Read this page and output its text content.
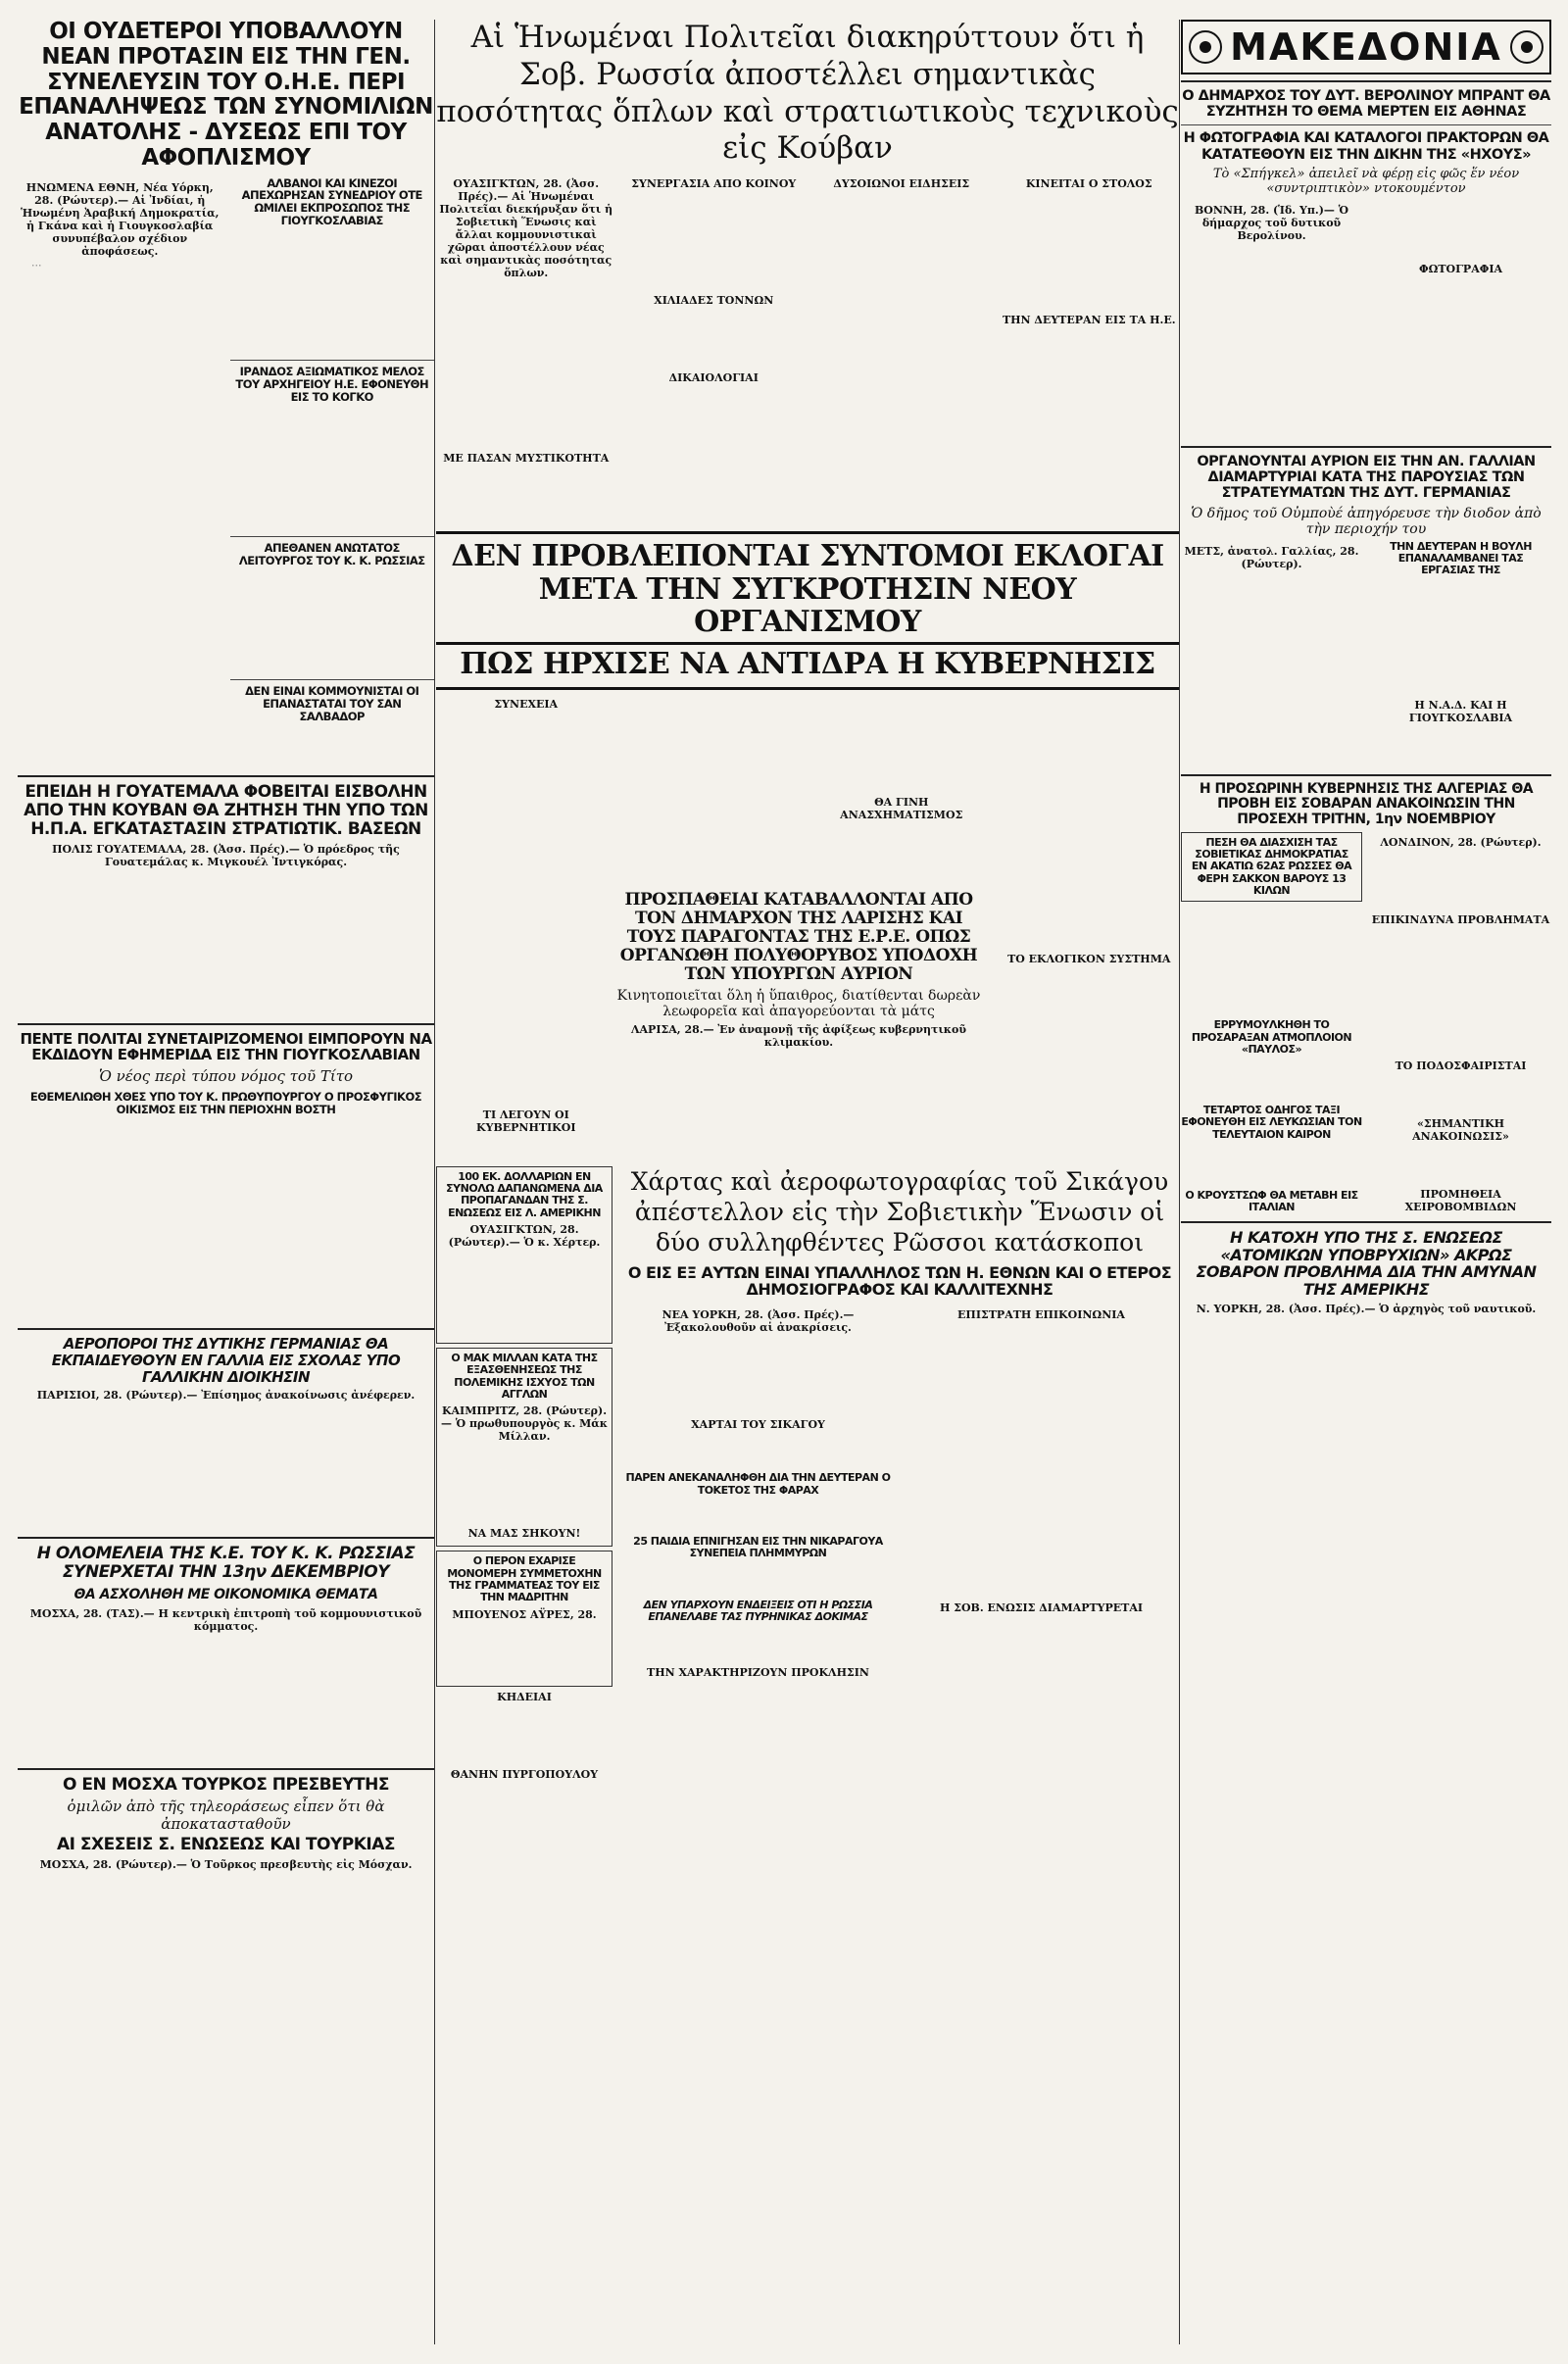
ΟΙ ΟΥΔΕΤΕΡΟΙ ΥΠΟΒΑΛΛΟΥΝ ΝΕΑΝ ΠΡΟΤΑΣΙΝ ΕΙΣ ΤΗΝ ΓΕΝ. ΣΥΝΕΛΕΥΣΙΝ ΤΟΥ Ο.Η.Ε. ΠΕΡΙ ΕΠΑΝΑΛΗΨΕΩΣ ΤΩΝ ΣΥΝΟΜΙΛΙΩΝ ΑΝΑΤΟΛΗΣ - ΔΥΣΕΩΣ ΕΠΙ ΤΟΥ ΑΦΟΠΛΙΣΜΟΥ
ΗΝΩΜΕΝΑ ΕΘΝΗ, Νέα Υόρκη, 28. (Ρώυτερ).— Αἱ Ἰνδίαι, ἡ Ἡνωμένη Ἀραβική Δημοκρατία, ἡ Γκάνα καὶ ἡ Γιουγκοσλαβία συνυπέβαλον σχέδιον ἀποφάσεως.

⋯

ΑΛΒΑΝΟΙ ΚΑΙ ΚΙΝΕΖΟΙ ΑΠΕΧΩΡΗΣΑΝ ΣΥΝΕΔΡΙΟΥ ΟΤΕ ΩΜΙΛΕΙ ΕΚΠΡΟΣΩΠΟΣ ΤΗΣ ΓΙΟΥΓΚΟΣΛΑΒΙΑΣ
ΙΡΑΝΔΟΣ ΑΞΙΩΜΑΤΙΚΟΣ ΜΕΛΟΣ ΤΟΥ ΑΡΧΗΓΕΙΟΥ Η.Ε. ΕΦΟΝΕΥΘΗ ΕΙΣ ΤΟ ΚΟΓΚΟ
ΑΠΕΘΑΝΕΝ ΑΝΩΤΑΤΟΣ ΛΕΙΤΟΥΡΓΟΣ ΤΟΥ Κ. Κ. ΡΩΣΣΙΑΣ
ΔΕΝ ΕΙΝΑΙ ΚΟΜΜΟΥΝΙΣΤΑΙ ΟΙ ΕΠΑΝΑΣΤΑΤΑΙ ΤΟΥ ΣΑΝ ΣΑΛΒΑΔΟΡ
ΕΠΕΙΔΗ Η ΓΟΥΑΤΕΜΑΛΑ ΦΟΒΕΙΤΑΙ ΕΙΣΒΟΛΗΝ ΑΠΟ ΤΗΝ ΚΟΥΒΑΝ ΘΑ ΖΗΤΗΣΗ ΤΗΝ ΥΠΟ ΤΩΝ Η.Π.Α. ΕΓΚΑΤΑΣΤΑΣΙΝ ΣΤΡΑΤΙΩΤΙΚ. ΒΑΣΕΩΝ
ΠΟΛΙΣ ΓΟΥΑΤΕΜΑΛΑ, 28. (Ἀσσ. Πρές).— Ὁ πρόεδρος τῆς Γουατεμάλας κ. Μιγκουέλ Ἰντιγκόρας.
ΠΕΝΤΕ ΠΟΛΙΤΑΙ ΣΥΝΕΤΑΙΡΙΖΟΜΕΝΟΙ ΕΙΜΠΟΡΟΥΝ ΝΑ ΕΚΔΙΔΟΥΝ ΕΦΗΜΕΡΙΔΑ ΕΙΣ ΤΗΝ ΓΙΟΥΓΚΟΣΛΑΒΙΑΝ
Ὁ νέος περὶ τύπου νόμος τοῦ Τίτο
ΕΘΕΜΕΛΙΩΘΗ ΧΘΕΣ ΥΠΟ ΤΟΥ Κ. ΠΡΩΘΥΠΟΥΡΓΟΥ Ο ΠΡΟΣΦΥΓΙΚΟΣ ΟΙΚΙΣΜΟΣ ΕΙΣ ΤΗΝ ΠΕΡΙΟΧΗΝ ΒΟΣΤΗ
ΑΕΡΟΠΟΡΟΙ ΤΗΣ ΔΥΤΙΚΗΣ ΓΕΡΜΑΝΙΑΣ ΘΑ ΕΚΠΑΙΔΕΥΘΟΥΝ ΕΝ ΓΑΛΛΙΑ ΕΙΣ ΣΧΟΛΑΣ ΥΠΟ ΓΑΛΛΙΚΗΝ ΔΙΟΙΚΗΣΙΝ
ΠΑΡΙΣΙΟΙ, 28. (Ρώυτερ).— Ἐπίσημος ἀνακοίνωσις ἀνέφερεν.
Η ΟΛΟΜΕΛΕΙΑ ΤΗΣ Κ.Ε. ΤΟΥ Κ. Κ. ΡΩΣΣΙΑΣ ΣΥΝΕΡΧΕΤΑΙ ΤΗΝ 13ην ΔΕΚΕΜΒΡΙΟΥ
ΘΑ ΑΣΧΟΛΗΘΗ ΜΕ ΟΙΚΟΝΟΜΙΚΑ ΘΕΜΑΤΑ
ΜΟΣΧΑ, 28. (ΤΑΣ).— Η κεντρικὴ ἐπιτροπὴ τοῦ κομμουνιστικοῦ κόμματος.
Ο ΕΝ ΜΟΣΧΑ ΤΟΥΡΚΟΣ ΠΡΕΣΒΕΥΤΗΣ
ὁμιλῶν ἀπὸ τῆς τηλεοράσεως εἶπεν ὅτι θὰ ἀποκατασταθοῦν
ΑΙ ΣΧΕΣΕΙΣ Σ. ΕΝΩΣΕΩΣ ΚΑΙ ΤΟΥΡΚΙΑΣ
ΜΟΣΧΑ, 28. (Ρώυτερ).— Ὁ Τοῦρκος πρεσβευτὴς εἰς Μόσχαν.
Αἱ Ἡνωμέναι Πολιτεῖαι διακηρύττουν ὅτι ἡ Σοβ. Ρωσσία ἀποστέλλει σημαντικὰς ποσότητας ὅπλων καὶ στρατιωτικοὺς τεχνικοὺς εἰς Κούβαν
ΟΥΑΣΙΓΚΤΩΝ, 28. (Ἀσσ. Πρές).— Αἱ Ἡνωμέναι Πολιτεῖαι διεκήρυξαν ὅτι ἡ Σοβιετικὴ Ἕνωσις καὶ ἄλλαι κομμουνιστικαὶ χῶραι ἀποστέλλουν νέας καὶ σημαντικὰς ποσότητας ὅπλων.
ΜΕ ΠΑΣΑΝ ΜΥΣΤΙΚΟΤΗΤΑ
ΣΥΝΕΡΓΑΣΙΑ ΑΠΟ ΚΟΙΝΟΥ
ΧΙΛΙΑΔΕΣ ΤΟΝΝΩΝ
ΔΙΚΑΙΟΛΟΓΙΑΙ
ΔΥΣΟΙΩΝΟΙ ΕΙΔΗΣΕΙΣ	ΚΙΝΕΙΤΑΙ Ο ΣΤΟΛΟΣ
ΤΗΝ ΔΕΥΤΕΡΑΝ ΕΙΣ ΤΑ Η.Ε.
ΔΕΝ ΠΡΟΒΛΕΠΟΝΤΑΙ ΣΥΝΤΟΜΟΙ ΕΚΛΟΓΑΙ
ΜΕΤΑ ΤΗΝ ΣΥΓΚΡΟΤΗΣΙΝ ΝΕΟΥ ΟΡΓΑΝΙΣΜΟΥ
ΠΩΣ ΗΡΧΙΣΕ ΝΑ ΑΝΤΙΔΡΑ Η ΚΥΒΕΡΝΗΣΙΣ
ΣΥΝΕΧΕΙΑ
ΤΙ ΛΕΓΟΥΝ ΟΙ ΚΥΒΕΡΝΗΤΙΚΟΙ
ΘΑ ΓΙΝΗ ΑΝΑΣΧΗΜΑΤΙΣΜΟΣ
ΤΟ ΕΚΛΟΓΙΚΟΝ ΣΥΣΤΗΜΑ
ΠΡΟΣΠΑΘΕΙΑΙ ΚΑΤΑΒΑΛΛΟΝΤΑΙ ΑΠΟ ΤΟΝ ΔΗΜΑΡΧΟΝ ΤΗΣ ΛΑΡΙΣΗΣ ΚΑΙ ΤΟΥΣ ΠΑΡΑΓΟΝΤΑΣ ΤΗΣ Ε.Ρ.Ε. ΟΠΩΣ ΟΡΓΑΝΩΘΗ ΠΟΛΥΘΟΡΥΒΟΣ ΥΠΟΔΟΧΗ ΤΩΝ ΥΠΟΥΡΓΩΝ ΑΥΡΙΟΝ
Κινητοποιεῖται ὅλη ἡ ὕπαιθρος, διατίθενται δωρεὰν λεωφορεῖα καὶ ἀπαγορεύονται τὰ μάτς
ΛΑΡΙΣΑ, 28.— Ἐν ἀναμονῇ τῆς ἀφίξεως κυβερνητικοῦ κλιμακίου.
100 ΕΚ. ΔΟΛΛΑΡΙΩΝ ΕΝ ΣΥΝΟΛΩ ΔΑΠΑΝΩΜΕΝΑ ΔΙΑ ΠΡΟΠΑΓΑΝΔΑΝ ΤΗΣ Σ. ΕΝΩΣΕΩΣ ΕΙΣ Λ. ΑΜΕΡΙΚΗΝ
ΟΥΑΣΙΓΚΤΩΝ, 28. (Ρώυτερ).— Ὁ κ. Χέρτερ.
Ο ΜΑΚ ΜΙΛΛΑΝ ΚΑΤΑ ΤΗΣ ΕΞΑΣΘΕΝΗΣΕΩΣ ΤΗΣ ΠΟΛΕΜΙΚΗΣ ΙΣΧΥΟΣ ΤΩΝ ΑΓΓΛΩΝ
ΚΑΙΜΠΡΙΤΖ, 28. (Ρώυτερ).— Ὁ πρωθυπουργὸς κ. Μάκ Μίλλαν.
ΝΑ ΜΑΣ ΣΗΚΟΥΝ!
Ο ΠΕΡΟΝ ΕΧΑΡΙΣΕ ΜΟΝΟΜΕΡΗ ΣΥΜΜΕΤΟΧΗΝ ΤΗΣ ΓΡΑΜΜΑΤΕΑΣ ΤΟΥ ΕΙΣ ΤΗΝ ΜΑΔΡΙΤΗΝ
ΜΠΟΥΕΝΟΣ ΑΫΡΕΣ, 28.
ΚΗΔΕΙΑΙ
ΘΑΝΗΝ ΠΥΡΓΟΠΟΥΛΟΥ
Χάρτας καὶ ἀεροφωτογραφίας τοῦ Σικάγου ἀπέστελλον εἰς τὴν Σοβιετικὴν Ἕνωσιν οἱ δύο συλληφθέντες Ρῶσσοι κατάσκοποι
Ο ΕΙΣ ΕΞ ΑΥΤΩΝ ΕΙΝΑΙ ΥΠΑΛΛΗΛΟΣ ΤΩΝ Η. ΕΘΝΩΝ ΚΑΙ Ο ΕΤΕΡΟΣ ΔΗΜΟΣΙΟΓΡΑΦΟΣ ΚΑΙ ΚΑΛΛΙΤΕΧΝΗΣ
ΝΕΑ ΥΟΡΚΗ, 28. (Ἀσσ. Πρές).— Ἐξακολουθοῦν αἱ ἀνακρίσεις.
ΧΑΡΤΑΙ ΤΟΥ ΣΙΚΑΓΟΥ
ΠΑΡΕΝ ΑΝΕΚΑΝΑΛΗΦΘΗ ΔΙΑ ΤΗΝ ΔΕΥΤΕΡΑΝ Ο ΤΟΚΕΤΟΣ ΤΗΣ ΦΑΡΑΧ
25 ΠΑΙΔΙΑ ΕΠΝΙΓΗΣΑΝ ΕΙΣ ΤΗΝ ΝΙΚΑΡΑΓΟΥΑ ΣΥΝΕΠΕΙΑ ΠΛΗΜΜΥΡΩΝ
ΔΕΝ ΥΠΑΡΧΟΥΝ ΕΝΔΕΙΞΕΙΣ ΟΤΙ Η ΡΩΣΣΙΑ ΕΠΑΝΕΛΑΒΕ ΤΑΣ ΠΥΡΗΝΙΚΑΣ ΔΟΚΙΜΑΣ
ΤΗΝ ΧΑΡΑΚΤΗΡΙΖΟΥΝ ΠΡΟΚΛΗΣΙΝ
ΕΠΙΣΤΡΑΤΗ ΕΠΙΚΟΙΝΩΝΙΑ
Η ΣΟΒ. ΕΝΩΣΙΣ ΔΙΑΜΑΡΤΥΡΕΤΑΙ
ΜΑΚΕΔΟΝΙΑ
Ο ΔΗΜΑΡΧΟΣ ΤΟΥ ΔΥΤ. ΒΕΡΟΛΙΝΟΥ ΜΠΡΑΝΤ ΘΑ ΣΥΖΗΤΗΣΗ ΤΟ ΘΕΜΑ ΜΕΡΤΕΝ ΕΙΣ ΑΘΗΝΑΣ
Η ΦΩΤΟΓΡΑΦΙΑ ΚΑΙ ΚΑΤΑΛΟΓΟΙ ΠΡΑΚΤΟΡΩΝ ΘΑ ΚΑΤΑΤΕΘΟΥΝ ΕΙΣ ΤΗΝ ΔΙΚΗΝ ΤΗΣ «ΗΧΟΥΣ»
Τὸ «Σπήγκελ» ἀπειλεῖ νὰ φέρῃ εἰς φῶς ἕν νέον «συντριπτικὸν» ντοκουμέντον
ΒΟΝΝΗ, 28. (Ἱδ. Υπ.)— Ὁ δήμαρχος τοῦ δυτικοῦ Βερολίνου.
ΦΩΤΟΓΡΑΦΙΑ
ΟΡΓΑΝΟΥΝΤΑΙ ΑΥΡΙΟΝ ΕΙΣ ΤΗΝ ΑΝ. ΓΑΛΛΙΑΝ ΔΙΑΜΑΡΤΥΡΙΑΙ ΚΑΤΑ ΤΗΣ ΠΑΡΟΥΣΙΑΣ ΤΩΝ ΣΤΡΑΤΕΥΜΑΤΩΝ ΤΗΣ ΔΥΤ. ΓΕΡΜΑΝΙΑΣ
Ὁ δῆμος τοῦ Οὐμποὺέ ἀπηγόρευσε τὴν διοδον ἀπὸ τὴν περιοχήν του
ΜΕΤΣ, ἀνατολ. Γαλλίας, 28. (Ρώυτερ).
ΤΗΝ ΔΕΥΤΕΡΑΝ Η ΒΟΥΛΗ ΕΠΑΝΑΛΑΜΒΑΝΕΙ ΤΑΣ ΕΡΓΑΣΙΑΣ ΤΗΣ
Η Ν.Α.Δ. ΚΑΙ Η ΓΙΟΥΓΚΟΣΛΑΒΙΑ
Η ΠΡΟΣΩΡΙΝΗ ΚΥΒΕΡΝΗΣΙΣ ΤΗΣ ΑΛΓΕΡΙΑΣ ΘΑ ΠΡΟΒΗ ΕΙΣ ΣΟΒΑΡΑΝ ΑΝΑΚΟΙΝΩΣΙΝ ΤΗΝ ΠΡΟΣΕΧΗ ΤΡΙΤΗΝ, 1ην ΝΟΕΜΒΡΙΟΥ
ΠΕΣΗ ΘΑ ΔΙΑΣΧΙΣΗ ΤΑΣ ΣΟΒΙΕΤΙΚΑΣ ΔΗΜΟΚΡΑΤΙΑΣ ΕΝ ΑΚΑΤΙΩ 62ΑΣ ΡΩΣΣΕΣ ΘΑ ΦΕΡΗ ΣΑΚΚΟΝ ΒΑΡΟΥΣ 13 ΚΙΛΩΝ
ΕΡΡΥΜΟΥΛΚΗΘΗ ΤΟ ΠΡΟΣΑΡΑΞΑΝ ΑΤΜΟΠΛΟΙΟΝ «ΠΑΥΛΟΣ»
ΤΕΤΑΡΤΟΣ ΟΔΗΓΟΣ ΤΑΞΙ ΕΦΟΝΕΥΘΗ ΕΙΣ ΛΕΥΚΩΣΙΑΝ ΤΟΝ ΤΕΛΕΥΤΑΙΟΝ ΚΑΙΡΟΝ
Ο ΚΡΟΥΣΤΣΩΦ ΘΑ ΜΕΤΑΒΗ ΕΙΣ ΙΤΑΛΙΑΝ
ΛΟΝΔΙΝΟΝ, 28. (Ρώυτερ).
ΕΠΙΚΙΝΔΥΝΑ ΠΡΟΒΛΗΜΑΤΑ
ΤΟ ΠΟΔΟΣΦΑΙΡΙΣΤΑΙ
«ΣΗΜΑΝΤΙΚΗ ΑΝΑΚΟΙΝΩΣΙΣ»
ΠΡΟΜΗΘΕΙΑ ΧΕΙΡΟΒΟΜΒΙΔΩΝ
Η ΚΑΤΟΧΗ ΥΠΟ ΤΗΣ Σ. ΕΝΩΣΕΩΣ «ΑΤΟΜΙΚΩΝ ΥΠΟΒΡΥΧΙΩΝ» ΑΚΡΩΣ ΣΟΒΑΡΟΝ ΠΡΟΒΛΗΜΑ ΔΙΑ ΤΗΝ ΑΜΥΝΑΝ ΤΗΣ ΑΜΕΡΙΚΗΣ
Ν. ΥΟΡΚΗ, 28. (Ἀσσ. Πρές).— Ὁ ἀρχηγὸς τοῦ ναυτικοῦ.
